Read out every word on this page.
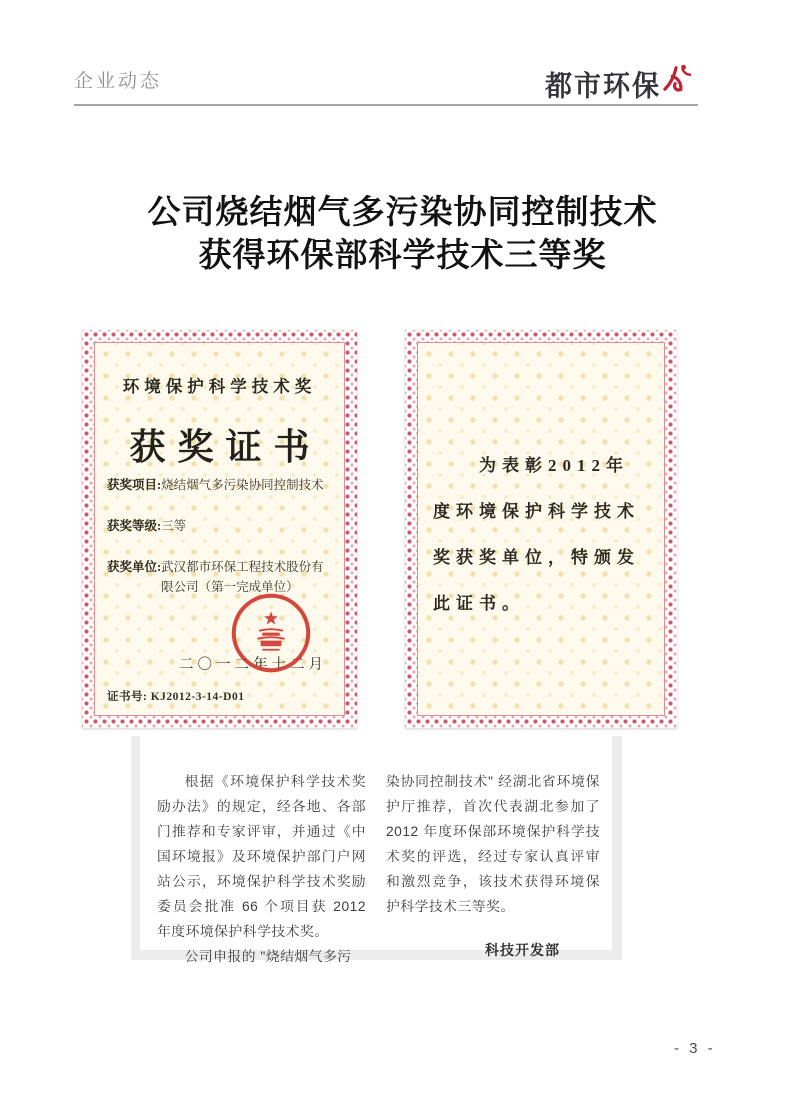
企业动态	都市环保
公司烧结烟气多污染协同控制技术
获得环保部科学技术三等奖
环境保护科学技术奖
获奖证书
获奖项目: 烧结烟气多污染协同控制技术
获奖等级: 三等
获奖单位: 武汉都市环保工程技术股份有限公司（第一完成单位）
二〇一二年十二月
证书号: KJ2012-3-14-D01
为表彰2012年
度环境保护科学技术
奖获奖单位，特颁发
此证书。

根据《环境保护科学技术奖励办法》的规定，经各地、各部门推荐和专家评审，并通过《中国环境报》及环境保护部门户网站公示，环境保护科学技术奖励委员会批准 66 个项目获 2012 年度环境保护科学技术奖。

公司申报的 "烧结烟气多污

染协同控制技术" 经湖北省环境保护厅推荐，首次代表湖北参加了 2012 年度环保部环境保护科学技术奖的评选，经过专家认真评审和激烈竞争，该技术获得环境保护科学技术三等奖。

科技开发部
- 3 -
